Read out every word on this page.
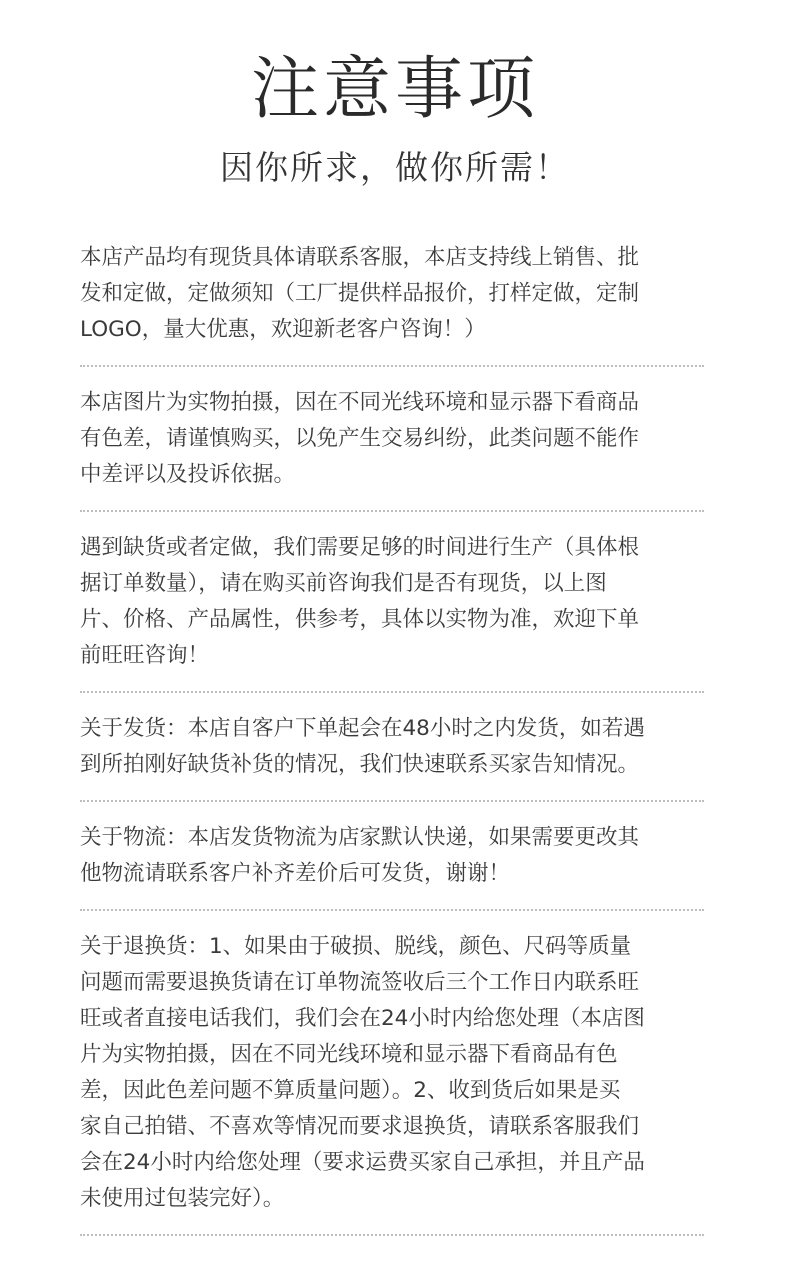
注意事项
因你所求，做你所需！
本店产品均有现货具体请联系客服，本店支持线上销售、批
发和定做，定做须知（工厂提供样品报价，打样定做，定制
LOGO，量大优惠，欢迎新老客户咨询！）
本店图片为实物拍摄，因在不同光线环境和显示器下看商品
有色差，请谨慎购买，以免产生交易纠纷，此类问题不能作
中差评以及投诉依据。
遇到缺货或者定做，我们需要足够的时间进行生产（具体根
据订单数量），请在购买前咨询我们是否有现货，以上图
片、价格、产品属性，供参考，具体以实物为准，欢迎下单
前旺旺咨询！
关于发货：本店自客户下单起会在48小时之内发货，如若遇
到所拍刚好缺货补货的情况，我们快速联系买家告知情况。
关于物流：本店发货物流为店家默认快递，如果需要更改其
他物流请联系客户补齐差价后可发货，谢谢！
关于退换货：1、如果由于破损、脱线，颜色、尺码等质量
问题而需要退换货请在订单物流签收后三个工作日内联系旺
旺或者直接电话我们，我们会在24小时内给您处理（本店图
片为实物拍摄，因在不同光线环境和显示器下看商品有色
差，因此色差问题不算质量问题）。2、收到货后如果是买
家自己拍错、不喜欢等情况而要求退换货，请联系客服我们
会在24小时内给您处理（要求运费买家自己承担，并且产品
未使用过包装完好）。
